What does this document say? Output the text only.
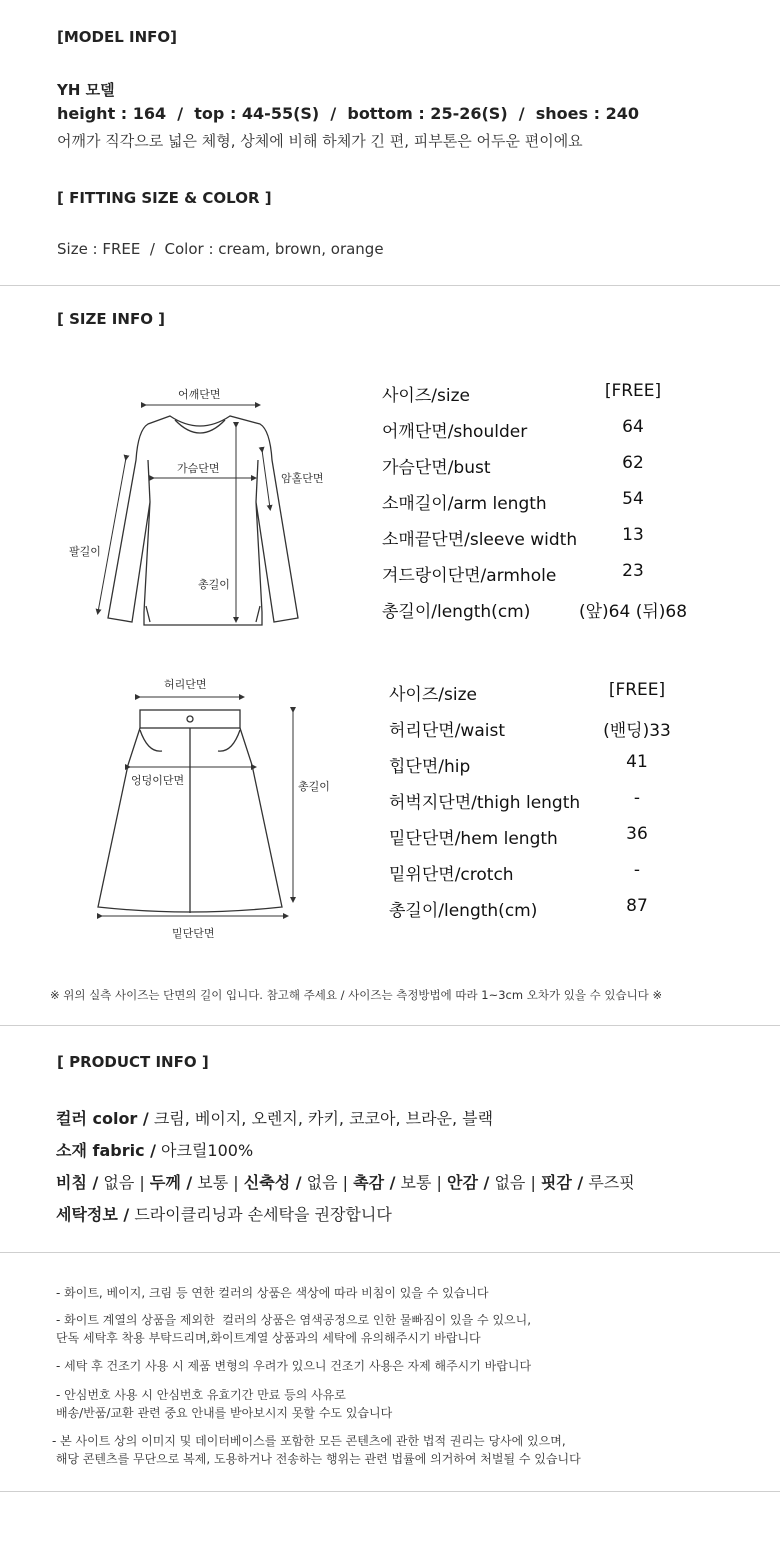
[MODEL INFO]
YH 모델
height : 164  /  top : 44-55(S)  /  bottom : 25-26(S)  /  shoes : 240
어깨가 직각으로 넓은 체형, 상체에 비해 하체가 긴 편, 피부톤은 어두운 편이에요
[ FITTING SIZE & COLOR ]
Size : FREE  /  Color : cream, brown, orange
[ SIZE INFO ]
어깨단면
가슴단면
암홀단면
팔길이
총길이
사이즈/size	[FREE]
어깨단면/shoulder	64
가슴단면/bust	62
소매길이/arm length	54
소매끝단면/sleeve width	13
겨드랑이단면/armhole	23
총길이/length(cm)	(앞)64 (뒤)68
허리단면
엉덩이단면	총길이
밑단단면
사이즈/size	[FREE]
허리단면/waist	(밴딩)33
힙단면/hip	41
허벅지단면/thigh length	-
밑단단면/hem length	36
밑위단면/crotch	-
총길이/length(cm)	87
※ 위의 실측 사이즈는 단면의 길이 입니다. 참고해 주세요 / 사이즈는 측정방법에 따라 1~3cm 오차가 있을 수 있습니다 ※
[ PRODUCT INFO ]
컬러 color / 크림, 베이지, 오렌지, 카키, 코코아, 브라운, 블랙
소재 fabric / 아크릴100%
비침 / 없음 | 두께 / 보통 | 신축성 / 없음 | 촉감 / 보통 | 안감 / 없음 | 핏감 / 루즈핏
세탁정보 / 드라이클리닝과 손세탁을 권장합니다
- 화이트, 베이지, 크림 등 연한 컬러의 상품은 색상에 따라 비침이 있을 수 있습니다
- 화이트 계열의 상품을 제외한  컬러의 상품은 염색공정으로 인한 물빠짐이 있을 수 있으니,
단독 세탁후 착용 부탁드리며,화이트계열 상품과의 세탁에 유의해주시기 바랍니다
- 세탁 후 건조기 사용 시 제품 변형의 우려가 있으니 건조기 사용은 자제 해주시기 바랍니다
- 안심번호 사용 시 안심번호 유효기간 만료 등의 사유로
배송/반품/교환 관련 중요 안내를 받아보시지 못할 수도 있습니다
- 본 사이트 상의 이미지 및 데이터베이스를 포함한 모든 콘텐츠에 관한 법적 권리는 당사에 있으며,
해당 콘텐츠를 무단으로 복제, 도용하거나 전송하는 행위는 관련 법률에 의거하여 처벌될 수 있습니다
